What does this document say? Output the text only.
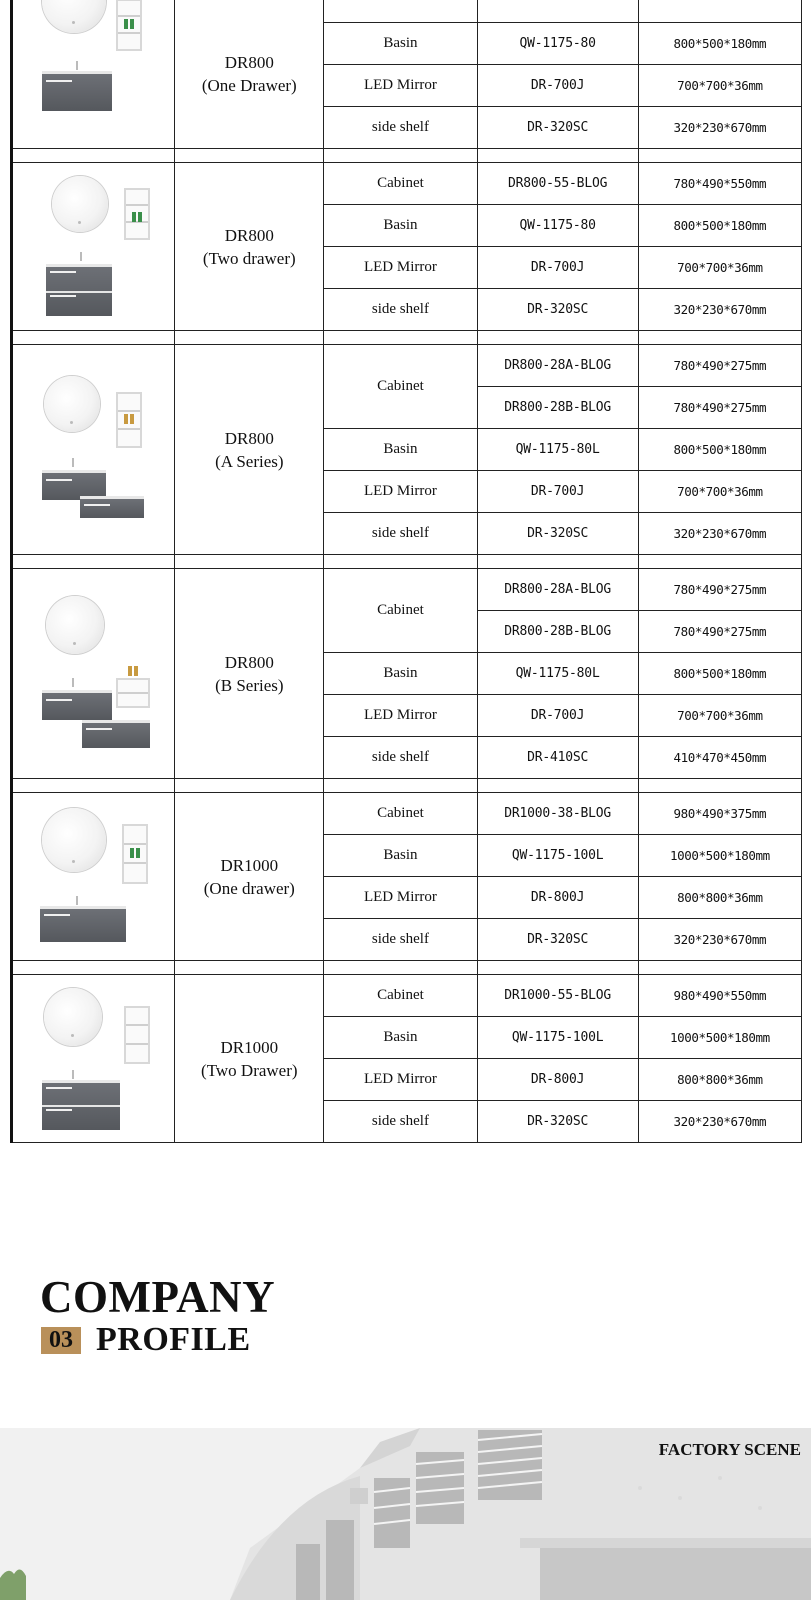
	DR800
(One Drawer)			

		Basin	QW-1175-80	800*500*180mm
		LED Mirror	DR-700J	700*700*36mm
		side shelf	DR-320SC	320*230*670mm

	DR800
(Two drawer)	Cabinet	DR800-55-BLOG	780*490*550mm
		Basin	QW-1175-80	800*500*180mm
		LED Mirror	DR-700J	700*700*36mm
		side shelf	DR-320SC	320*230*670mm

	DR800
(A Series)	Cabinet	DR800-28A-BLOG	780*490*275mm
			DR800-28B-BLOG	780*490*275mm
		Basin	QW-1175-80L	800*500*180mm
		LED Mirror	DR-700J	700*700*36mm
		side shelf	DR-320SC	320*230*670mm

	DR800
(B Series)	Cabinet	DR800-28A-BLOG	780*490*275mm
			DR800-28B-BLOG	780*490*275mm
		Basin	QW-1175-80L	800*500*180mm
		LED Mirror	DR-700J	700*700*36mm
		side shelf	DR-410SC	410*470*450mm

	DR1000
(One drawer)	Cabinet	DR1000-38-BLOG	980*490*375mm
		Basin	QW-1175-100L	1000*500*180mm
		LED Mirror	DR-800J	800*800*36mm
		side shelf	DR-320SC	320*230*670mm

	DR1000
(Two Drawer)	Cabinet	DR1000-55-BLOG	980*490*550mm
		Basin	QW-1175-100L	1000*500*180mm
		LED Mirror	DR-800J	800*800*36mm
		side shelf	DR-320SC	320*230*670mm
COMPANY
03 PROFILE
FACTORY SCENE
